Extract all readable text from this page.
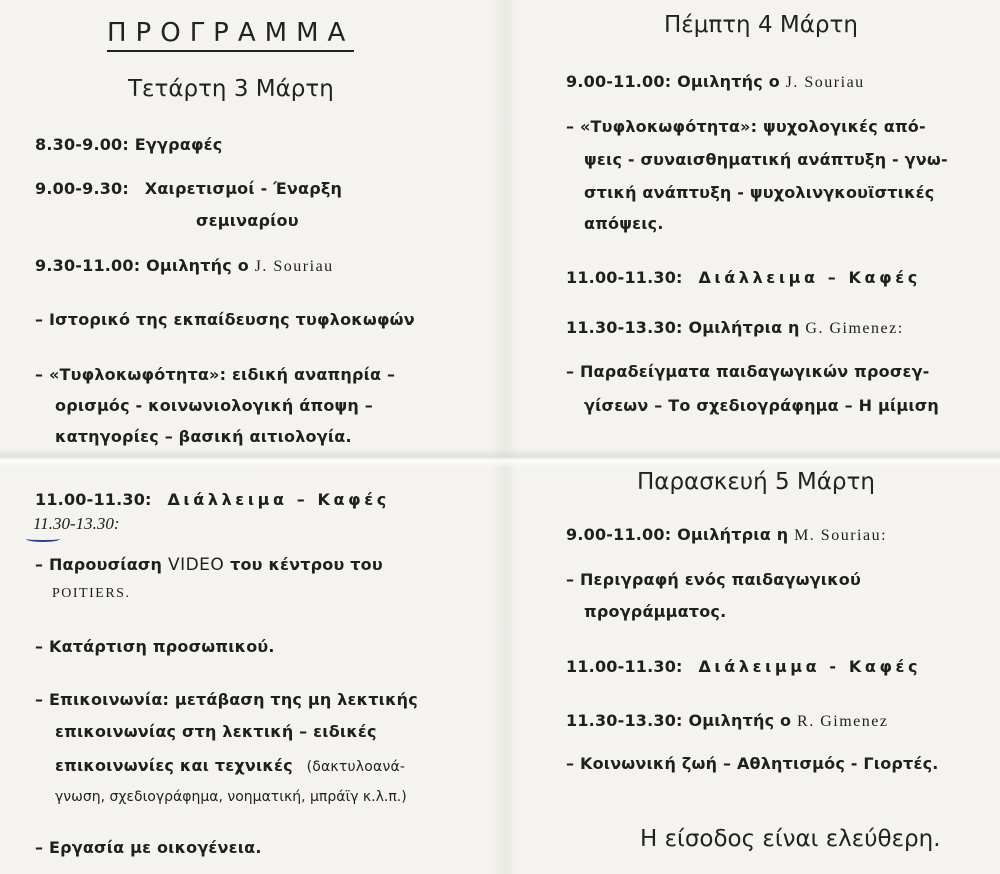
ΠΡΟΓΡΑΜΜΑ
Τετάρτη 3 Μάρτη
8.30-9.00: Εγγραφές
9.00-9.30: Χαιρετισμοί - Έναρξη
σεμιναρίου
9.30-11.00: Ομιλητής ο J. Souriau
– Ιστορικό της εκπαίδευσης τυφλοκωφών
– «Τυφλοκωφότητα»: ειδική αναπηρία –
ορισμός - κοινωνιολογική άποψη –
κατηγορίες – βασική αιτιολογία.
11.00-11.30: Διάλλειμα – Καφές
11.30-13.30:
– Παρουσίαση VIDEO του κέντρου του
POITIERS.
– Κατάρτιση προσωπικού.
– Επικοινωνία: μετάβαση της μη λεκτικής
επικοινωνίας στη λεκτική – ειδικές
επικοινωνίες και τεχνικές (δακτυλοανά-
γνωση, σχεδιογράφημα, νοηματική, μπράϊγ κ.λ.π.)
– Εργασία με οικογένεια.
Πέμπτη 4 Μάρτη
9.00-11.00: Ομιλητής ο J. Souriau
– «Τυφλοκωφότητα»: ψυχολογικές από-
ψεις - συναισθηματική ανάπτυξη - γνω-
στική ανάπτυξη - ψυχολινγκουϊστικές
απόψεις.
11.00-11.30: Διάλλειμα – Καφές
11.30-13.30: Ομιλήτρια η G. Gimenez:
– Παραδείγματα παιδαγωγικών προσεγ-
γίσεων – Το σχεδιογράφημα – Η μίμιση
Παρασκευή 5 Μάρτη
9.00-11.00: Ομιλήτρια η M. Souriau:
– Περιγραφή ενός παιδαγωγικού
προγράμματος.
11.00-11.30: Διάλειμμα - Καφές
11.30-13.30: Ομιλητής ο R. Gimenez
– Κοινωνική ζωή – Αθλητισμός - Γιορτές.
Η είσοδος είναι ελεύθερη.
